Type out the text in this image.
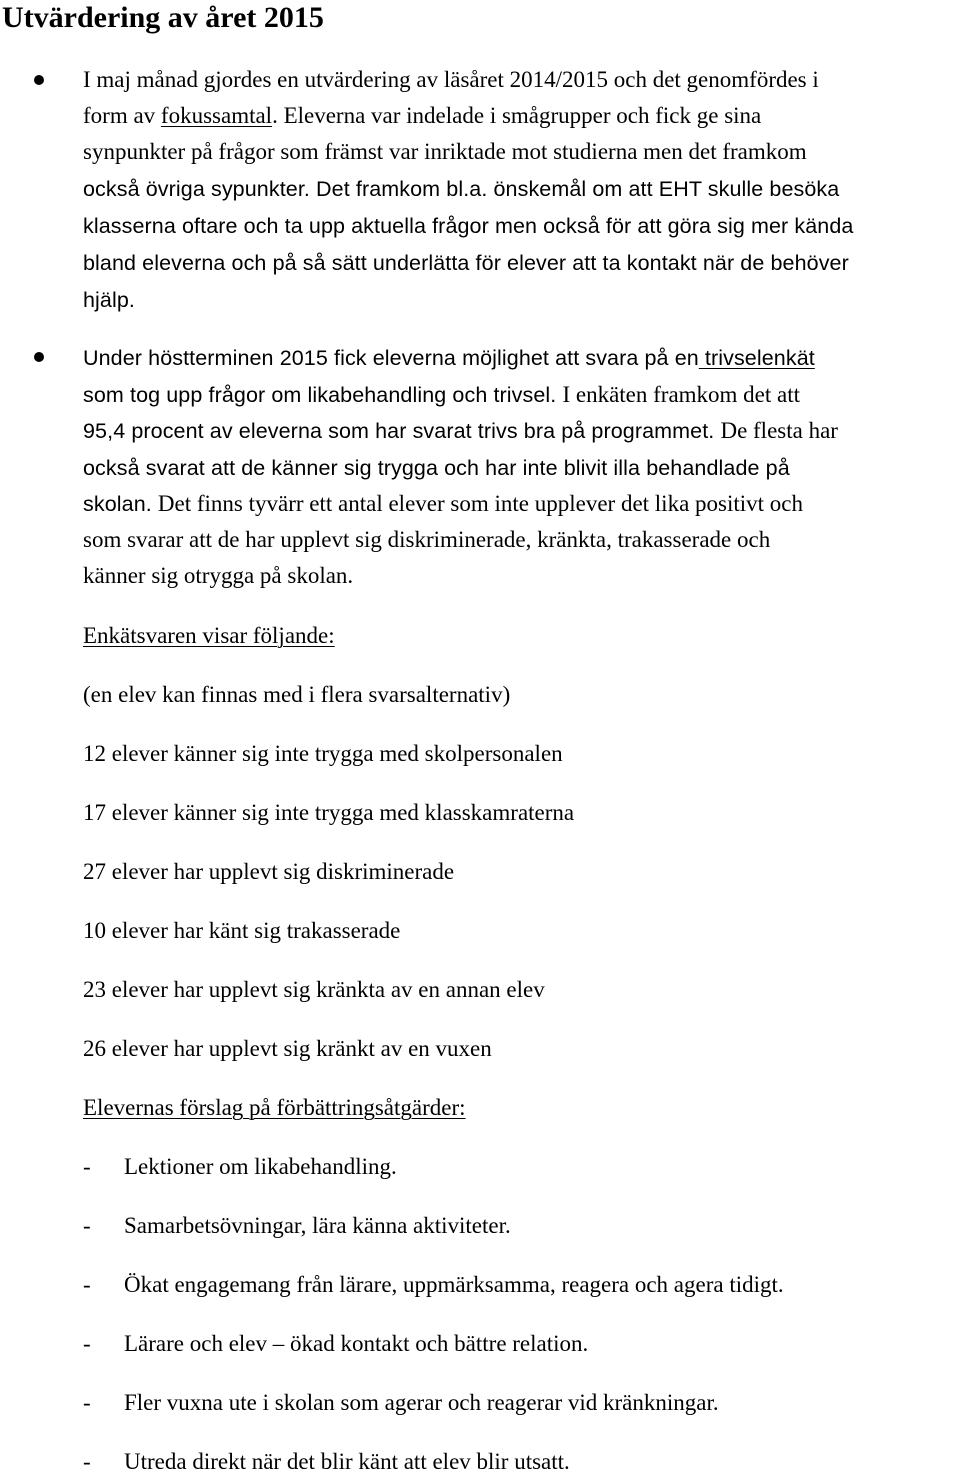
Utvärdering av året 2015
I maj månad gjordes en utvärdering av läsåret 2014/2015 och det genomfördes i
form av fokussamtal. Eleverna var indelade i smågrupper och fick ge sina
synpunkter på frågor som främst var inriktade mot studierna men det framkom
också övriga sypunkter. Det framkom bl.a. önskemål om att EHT skulle besöka
klasserna oftare och ta upp aktuella frågor men också för att göra sig mer kända
bland eleverna och på så sätt underlätta för elever att ta kontakt när de behöver
hjälp.
Under höstterminen 2015 fick eleverna möjlighet att svara på en trivselenkät
som tog upp frågor om likabehandling och trivsel. I enkäten framkom det att
95,4 procent av eleverna som har svarat trivs bra på programmet. De flesta har
också svarat att de känner sig trygga och har inte blivit illa behandlade på
skolan. Det finns tyvärr ett antal elever som inte upplever det lika positivt och
som svarar att de har upplevt sig diskriminerade, kränkta, trakasserade och
känner sig otrygga på skolan.
Enkätsvaren visar följande:
(en elev kan finnas med i flera svarsalternativ)
12 elever känner sig inte trygga med skolpersonalen
17 elever känner sig inte trygga med klasskamraterna
27 elever har upplevt sig diskriminerade
10 elever har känt sig trakasserade
23 elever har upplevt sig kränkta av en annan elev
26 elever har upplevt sig kränkt av en vuxen
Elevernas förslag på förbättringsåtgärder:
- Lektioner om likabehandling.
- Samarbetsövningar, lära känna aktiviteter.
- Ökat engagemang från lärare, uppmärksamma, reagera och agera tidigt.
- Lärare och elev – ökad kontakt och bättre relation.
- Fler vuxna ute i skolan som agerar och reagerar vid kränkningar.
- Utreda direkt när det blir känt att elev blir utsatt.
